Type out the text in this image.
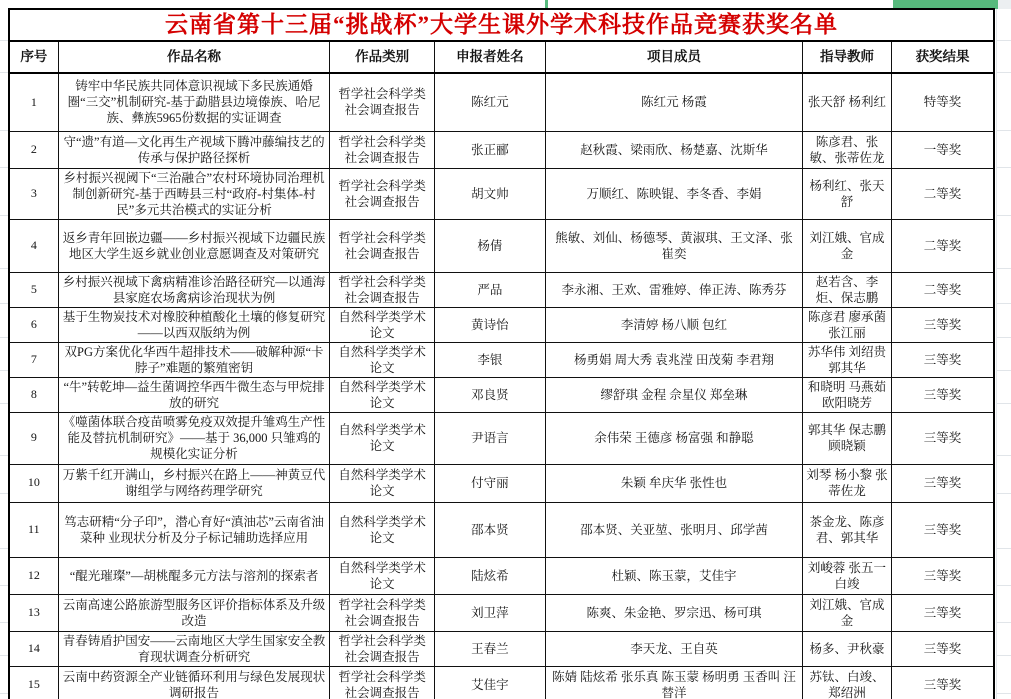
云南省第十三届“挑战杯”大学生课外学术科技作品竞赛获奖名单						
序号	作品名称	作品类别	申报者姓名	项目成员	指导教师	获奖结果
1	铸牢中华民族共同体意识视域下多民族通婚圈“三交”机制研究-基于勐腊县边境傣族、哈尼族、彝族5965份数据的实证调查	哲学社会科学类社会调查报告	陈红元	陈红元 杨霞	张天舒 杨利红	特等奖
2	守“遗”有道—文化再生产视域下腾冲藤编技艺的传承与保护路径探析	哲学社会科学类社会调查报告	张正郦	赵秋霞、梁雨欣、杨楚嘉、沈斯华	陈彦君、张敏、张蒂佐龙	一等奖
3	乡村振兴视阈下“三治融合”农村环境协同治理机制创新研究-基于西畴县三村“政府-村集体-村民”多元共治模式的实证分析	哲学社会科学类社会调查报告	胡文帅	万顺红、陈映锟、李冬香、李娟	杨利红、张天舒	二等奖
4	返乡青年回嵌边疆——乡村振兴视域下边疆民族地区大学生返乡就业创业意愿调查及对策研究	哲学社会科学类社会调查报告	杨倩	熊敏、刘仙、杨德琴、黄淑琪、王文泽、张崔奕	刘江娥、官成金	二等奖
5	乡村振兴视域下禽病精准诊治路径研究—以通海县家庭农场禽病诊治现状为例	哲学社会科学类社会调查报告	严品	李永湘、王欢、雷雅婷、俸正涛、陈秀芬	赵若含、李炬、保志鹏	二等奖
6	基于生物炭技术对橡胶种植酸化土壤的修复研究——以西双版纳为例	自然科学类学术论文	黄诗怡	李清婷 杨八顺 包红	陈彦君 廖承菌 张江丽	三等奖
7	双PG方案优化华西牛超排技术——破解种源“卡脖子”难题的繁殖密钥	自然科学类学术论文	李银	杨勇娟 周大秀 袁兆滢 田茂菊 李君翔	苏华伟 刘绍贵 郭其华	三等奖
8	“牛”转乾坤—益生菌调控华西牛微生态与甲烷排放的研究	自然科学类学术论文	邓良贤	缪舒琪 金程 佘星仪 郑垒琳	和晓明 马燕茹 欧阳晓芳	三等奖
9	《噬菌体联合疫苗喷雾免疫双效提升雏鸡生产性能及替抗机制研究》——基于 36,000 只雏鸡的规模化实证分析	自然科学类学术论文	尹语言	余伟荣 王德彦 杨富强 和静聪	郭其华 保志鹏 顾晓颖	三等奖
10	万紫千红开满山，乡村振兴在路上——神黄豆代谢组学与网络药理学研究	自然科学类学术论文	付守丽	朱颖 牟庆华 张性也	刘琴 杨小黎 张蒂佐龙	三等奖
11	笃志研精“分子印”，潜心育好“滇油芯”云南省油菜种 业现状分析及分子标记辅助选择应用	自然科学类学术论文	邵本贤	邵本贤、关亚堃、张明月、邱学茜	茶金龙、陈彦君、郭其华	三等奖
12	“醌光璀璨”—胡桃醌多元方法与溶剂的探索者	自然科学类学术论文	陆炫希	杜颖、陈玉蒙，艾佳宇	刘峻蓉 张五一 白竣	三等奖
13	云南高速公路旅游型服务区评价指标体系及升级改造	哲学社会科学类社会调查报告	刘卫萍	陈爽、朱金艳、罗宗迅、杨可琪	刘江娥、官成金	三等奖
14	青春铸盾护国安——云南地区大学生国家安全教育现状调查分析研究	哲学社会科学类社会调查报告	王春兰	李天龙、王自英	杨多、尹秋豪	三等奖
15	云南中药资源全产业链循环利用与绿色发展现状调研报告	哲学社会科学类社会调查报告	艾佳宇	陈婧 陆炫希 张乐真 陈玉蒙 杨明勇 玉香叫 汪替洋	苏钛、白竣、郑绍洲	三等奖
